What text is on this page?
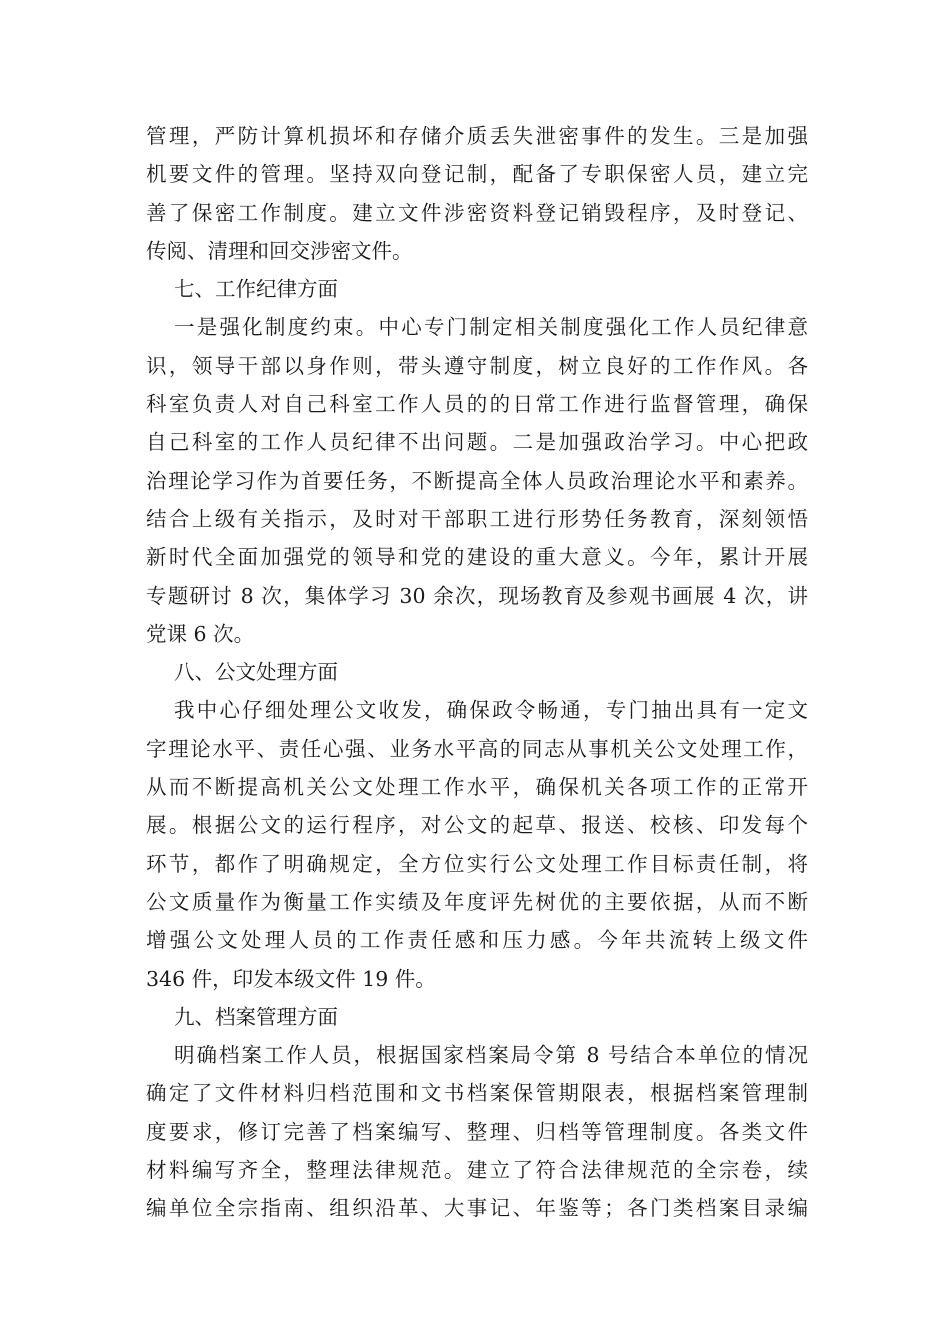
管理，严防计算机损坏和存储介质丢失泄密事件的发生。三是加强
机要文件的管理。坚持双向登记制，配备了专职保密人员，建立完
善了保密工作制度。建立文件涉密资料登记销毁程序，及时登记、
传阅、清理和回交涉密文件。
七、工作纪律方面
一是强化制度约束。中心专门制定相关制度强化工作人员纪律意
识，领导干部以身作则，带头遵守制度，树立良好的工作作风。各
科室负责人对自己科室工作人员的的日常工作进行监督管理，确保
自己科室的工作人员纪律不出问题。二是加强政治学习。中心把政
治理论学习作为首要任务，不断提高全体人员政治理论水平和素养。
结合上级有关指示，及时对干部职工进行形势任务教育，深刻领悟
新时代全面加强党的领导和党的建设的重大意义。今年，累计开展
专题研讨 8 次，集体学习 30 余次，现场教育及参观书画展 4 次，讲
党课 6 次。
八、公文处理方面
我中心仔细处理公文收发，确保政令畅通，专门抽出具有一定文
字理论水平、责任心强、业务水平高的同志从事机关公文处理工作，
从而不断提高机关公文处理工作水平，确保机关各项工作的正常开
展。根据公文的运行程序，对公文的起草、报送、校核、印发每个
环节，都作了明确规定，全方位实行公文处理工作目标责任制，将
公文质量作为衡量工作实绩及年度评先树优的主要依据，从而不断
增强公文处理人员的工作责任感和压力感。今年共流转上级文件
346 件，印发本级文件 19 件。
九、档案管理方面
明确档案工作人员，根据国家档案局令第 8 号结合本单位的情况
确定了文件材料归档范围和文书档案保管期限表，根据档案管理制
度要求，修订完善了档案编写、整理、归档等管理制度。各类文件
材料编写齐全，整理法律规范。建立了符合法律规范的全宗卷，续
编单位全宗指南、组织沿革、大事记、年鉴等；各门类档案目录编
